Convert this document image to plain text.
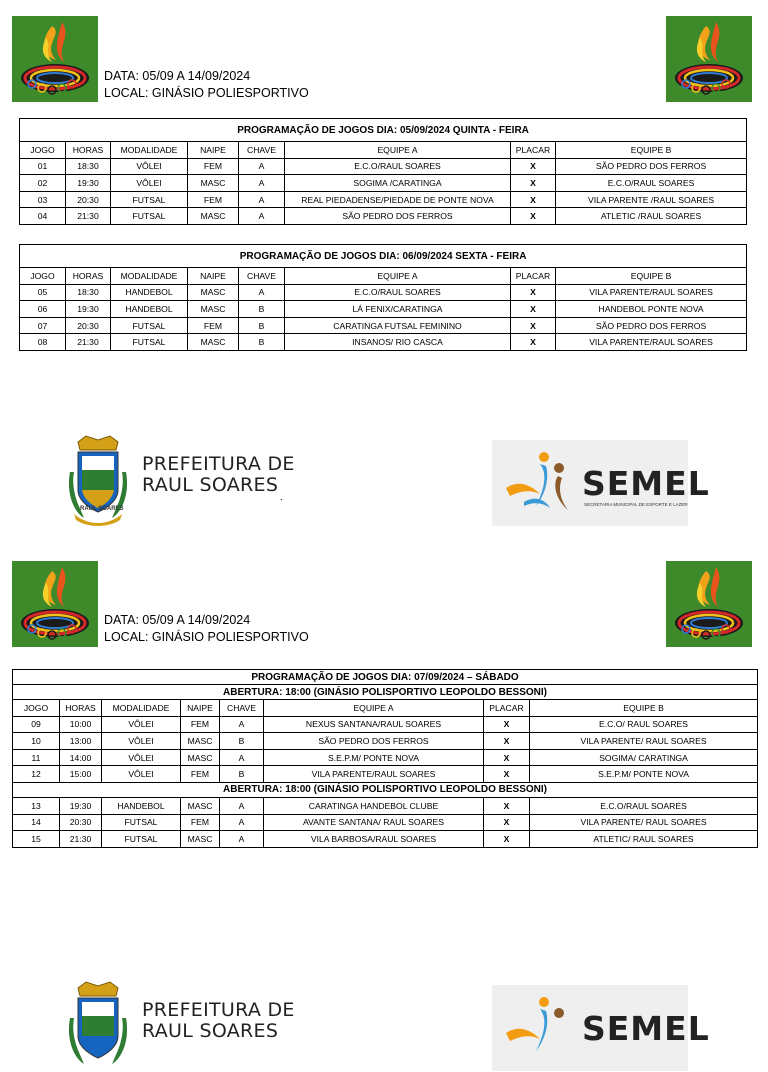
DATA: 05/09 A 14/09/2024
LOCAL: GINÁSIO POLIESPORTIVO
PROGRAMAÇÃO DE JOGOS DIA: 05/09/2024 QUINTA - FEIRA							
JOGO	HORAS	MODALIDADE	NAIPE	CHAVE	EQUIPE A	PLACAR	EQUIPE B
01	18:30	VÔLEI	FEM	A	E.C.O/RAUL SOARES	X	SÃO PEDRO DOS FERROS
02	19:30	VÔLEI	MASC	A	SOGIMA /CARATINGA	X	E.C.O/RAUL SOARES
03	20:30	FUTSAL	FEM	A	REAL PIEDADENSE/PIEDADE DE PONTE NOVA	X	VILA PARENTE /RAUL SOARES
04	21:30	FUTSAL	MASC	A	SÃO PEDRO DOS FERROS	X	ATLETIC /RAUL SOARES
PROGRAMAÇÃO DE JOGOS DIA: 06/09/2024 SEXTA - FEIRA							
JOGO	HORAS	MODALIDADE	NAIPE	CHAVE	EQUIPE A	PLACAR	EQUIPE B
05	18:30	HANDEBOL	MASC	A	E.C.O/RAUL SOARES	X	VILA PARENTE/RAUL SOARES
06	19:30	HANDEBOL	MASC	B	LÁ FENIX/CARATINGA	X	HANDEBOL PONTE NOVA
07	20:30	FUTSAL	FEM	B	CARATINGA FUTSAL FEMININO	X	SÃO PEDRO DOS FERROS
08	21:30	FUTSAL	MASC	B	INSANOS/ RIO CASCA	X	VILA PARENTE/RAUL SOARES
RAUL SOARES
PREFEITURA DE
RAUL SOARES
.	SEMEL
SECRETARIA MUNICIPAL DE ESPORTE E LAZER
DATA: 05/09 A 14/09/2024
LOCAL: GINÁSIO POLIESPORTIVO
PROGRAMAÇÃO DE JOGOS DIA: 07/09/2024 – SÁBADO							
ABERTURA: 18:00 (GINÁSIO POLISPORTIVO LEOPOLDO BESSONI)							
JOGO	HORAS	MODALIDADE	NAIPE	CHAVE	EQUIPE A	PLACAR	EQUIPE B
09	10:00	VÔLEI	FEM	A	NEXUS SANTANA/RAUL SOARES	X	E.C.O/ RAUL SOARES
10	13:00	VÔLEI	MASC	B	SÃO PEDRO DOS FERROS	X	VILA PARENTE/ RAUL SOARES
11	14:00	VÔLEI	MASC	A	S.E.P.M/ PONTE NOVA	X	SOGIMA/ CARATINGA
12	15:00	VÔLEI	FEM	B	VILA PARENTE/RAUL SOARES	X	S.E.P.M/ PONTE NOVA
ABERTURA: 18:00 (GINÁSIO POLISPORTIVO LEOPOLDO BESSONI)							
13	19:30	HANDEBOL	MASC	A	CARATINGA HANDEBOL CLUBE	X	E.C.O/RAUL SOARES
14	20:30	FUTSAL	FEM	A	AVANTE SANTANA/ RAUL SOARES	X	VILA PARENTE/ RAUL SOARES
15	21:30	FUTSAL	MASC	A	VILA BARBOSA/RAUL SOARES	X	ATLETIC/ RAUL SOARES
PREFEITURA DE
RAUL SOARES	SEMEL
